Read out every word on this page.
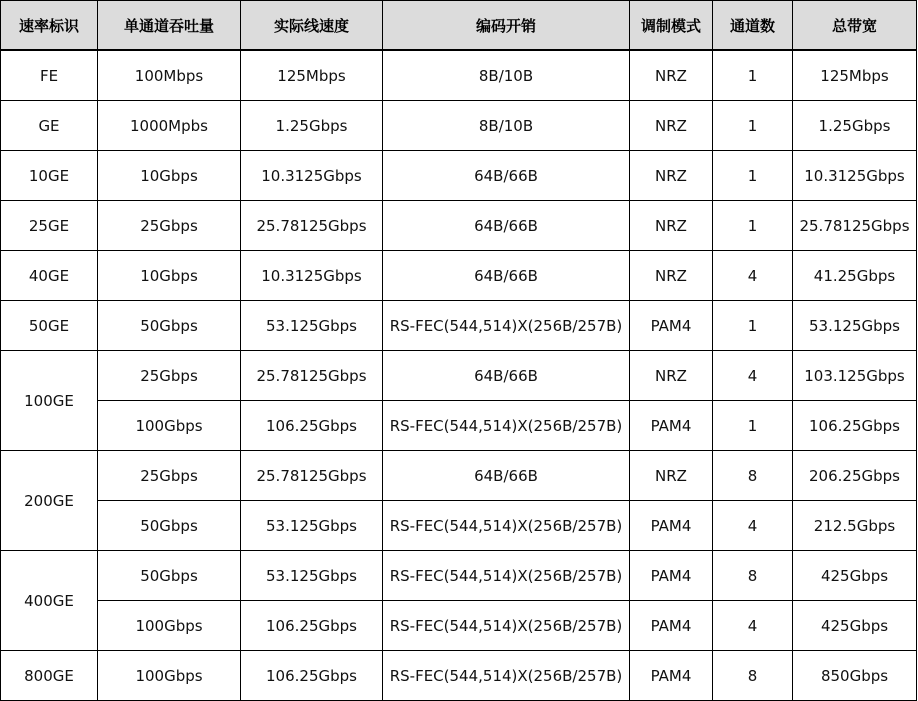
速率标识	单通道吞吐量	实际线速度	编码开销	调制模式	通道数	总带宽
FE	100Mbps	125Mbps	8B/10B	NRZ	1	125Mbps
GE	1000Mpbs	1.25Gbps	8B/10B	NRZ	1	1.25Gbps
10GE	10Gbps	10.3125Gbps	64B/66B	NRZ	1	10.3125Gbps
25GE	25Gbps	25.78125Gbps	64B/66B	NRZ	1	25.78125Gbps
40GE	10Gbps	10.3125Gbps	64B/66B	NRZ	4	41.25Gbps
50GE	50Gbps	53.125Gbps	RS-FEC(544,514)X(256B/257B)	PAM4	1	53.125Gbps
100GE	25Gbps	25.78125Gbps	64B/66B	NRZ	4	103.125Gbps
	100Gbps	106.25Gbps	RS-FEC(544,514)X(256B/257B)	PAM4	1	106.25Gbps
200GE	25Gbps	25.78125Gbps	64B/66B	NRZ	8	206.25Gbps
	50Gbps	53.125Gbps	RS-FEC(544,514)X(256B/257B)	PAM4	4	212.5Gbps
400GE	50Gbps	53.125Gbps	RS-FEC(544,514)X(256B/257B)	PAM4	8	425Gbps
	100Gbps	106.25Gbps	RS-FEC(544,514)X(256B/257B)	PAM4	4	425Gbps
800GE	100Gbps	106.25Gbps	RS-FEC(544,514)X(256B/257B)	PAM4	8	850Gbps
